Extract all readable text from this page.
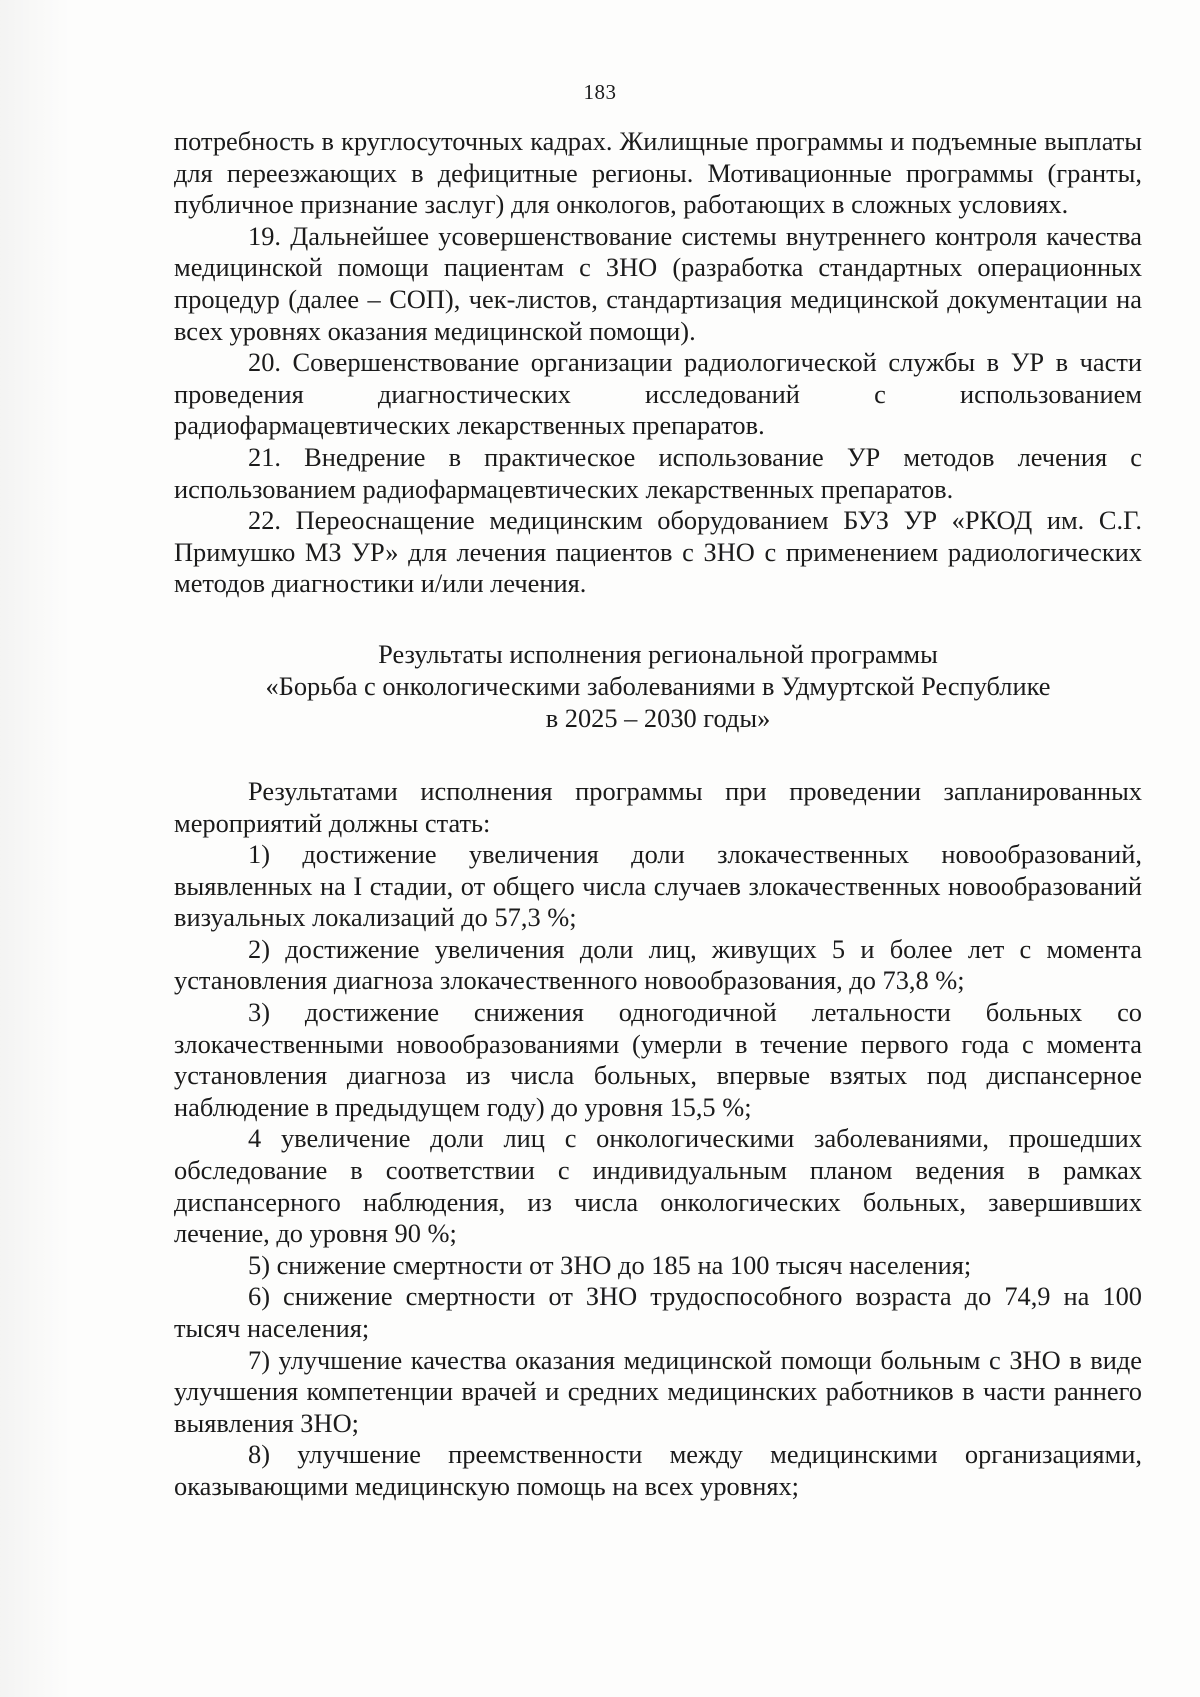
183

потребность в круглосуточных кадрах. Жилищные программы и подъемные выплаты для переезжающих в дефицитные регионы. Мотивационные программы (гранты, публичное признание заслуг) для онкологов, работающих в сложных условиях.

19. Дальнейшее усовершенствование системы внутреннего контроля качества медицинской помощи пациентам с ЗНО (разработка стандартных операционных процедур (далее – СОП), чек-листов, стандартизация медицинской документации на всех уровнях оказания медицинской помощи).

20. Совершенствование организации радиологической службы в УР в части проведения диагностических исследований с использованием радиофармацевтических лекарственных препаратов.

21. Внедрение в практическое использование УР методов лечения с использованием радиофармацевтических лекарственных препаратов.

22. Переоснащение медицинским оборудованием БУЗ УР «РКОД им. С.Г. Примушко МЗ УР» для лечения пациентов с ЗНО с применением радиологических методов диагностики и/или лечения.

Результаты исполнения региональной программы
«Борьба с онкологическими заболеваниями в Удмуртской Республике
в 2025 – 2030 годы»

Результатами исполнения программы при проведении запланированных мероприятий должны стать:

1) достижение увеличения доли злокачественных новообразований, выявленных на I стадии, от общего числа случаев злокачественных новообразований визуальных локализаций до 57,3 %;

2) достижение увеличения доли лиц, живущих 5 и более лет с момента установления диагноза злокачественного новообразования, до 73,8 %;

3) достижение снижения одногодичной летальности больных со злокачественными новообразованиями (умерли в течение первого года с момента установления диагноза из числа больных, впервые взятых под диспансерное наблюдение в предыдущем году) до уровня 15,5 %;

4 увеличение доли лиц с онкологическими заболеваниями, прошедших обследование в соответствии с индивидуальным планом ведения в рамках диспансерного наблюдения, из числа онкологических больных, завершивших лечение, до уровня 90 %;

5) снижение смертности от ЗНО до 185 на 100 тысяч населения;

6) снижение смертности от ЗНО трудоспособного возраста до 74,9 на 100 тысяч населения;

7) улучшение качества оказания медицинской помощи больным с ЗНО в виде улучшения компетенции врачей и средних медицинских работников в части раннего выявления ЗНО;

8) улучшение преемственности между медицинскими организациями, оказывающими медицинскую помощь на всех уровнях;
